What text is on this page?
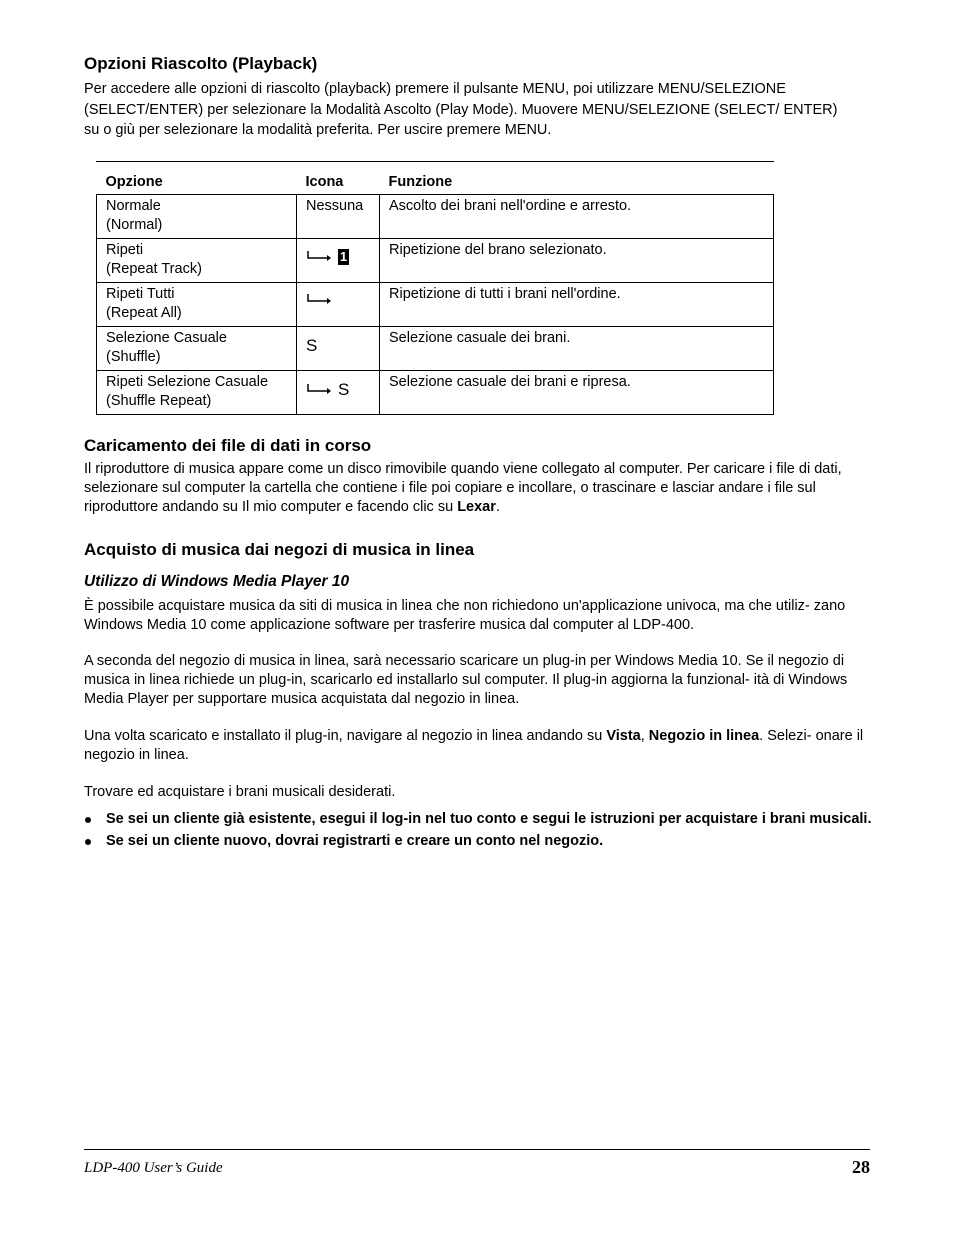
Opzioni Riascolto (Playback)

Per accedere alle opzioni di riascolto (playback) premere il pulsante MENU, poi utilizzare MENU/SELEZIONE (SELECT/ENTER) per selezionare la Modalità Ascolto (Play Mode). Muovere MENU/SELEZIONE (SELECT/ ENTER) su o giù per selezionare la modalità preferita. Per uscire premere MENU.

Opzione	Icona	Funzione

Normale
(Normal)	Nessuna	Ascolto dei brani nell'ordine e arresto.

Ripeti
(Repeat Track)	1	Ripetizione del brano selezionato.

Ripeti Tutti
(Repeat All)		Ripetizione di tutti i brani nell'ordine.

Selezione Casuale
(Shuffle)	S	Selezione casuale dei brani.

Ripeti Selezione Casuale
(Shuffle Repeat)	S	Selezione casuale dei brani e ripresa.
Caricamento dei file di dati in corso

Il riproduttore di musica appare come un disco rimovibile quando viene collegato al computer. Per caricare i file di dati, selezionare sul computer la cartella che contiene i file poi copiare e incollare, o trascinare e lasciar andare i file sul riproduttore andando su Il mio computer e facendo clic su Lexar.

Acquisto di musica dai negozi di musica in linea
Utilizzo di Windows Media Player 10

È possibile acquistare musica da siti di musica in linea che non richiedono un'applicazione univoca, ma che utiliz- zano Windows Media 10 come applicazione software per trasferire musica dal computer al LDP-400.

A seconda del negozio di musica in linea, sarà necessario scaricare un plug-in per Windows Media 10. Se il negozio di musica in linea richiede un plug-in, scaricarlo ed installarlo sul computer. Il plug-in aggiorna la funzional- ità di Windows Media Player per supportare musica acquistata dal negozio in linea.

Una volta scaricato e installato il plug-in, navigare al negozio in linea andando su Vista, Negozio in linea. Selezi- onare il negozio in linea.

Trovare ed acquistare i brani musicali desiderati.

Se sei un cliente già esistente, esegui il log-in nel tuo conto e segui le istruzioni per acquistare i brani musicali.
Se sei un cliente nuovo, dovrai registrarti e creare un conto nel negozio.
LDP-400 User’s Guide	28
